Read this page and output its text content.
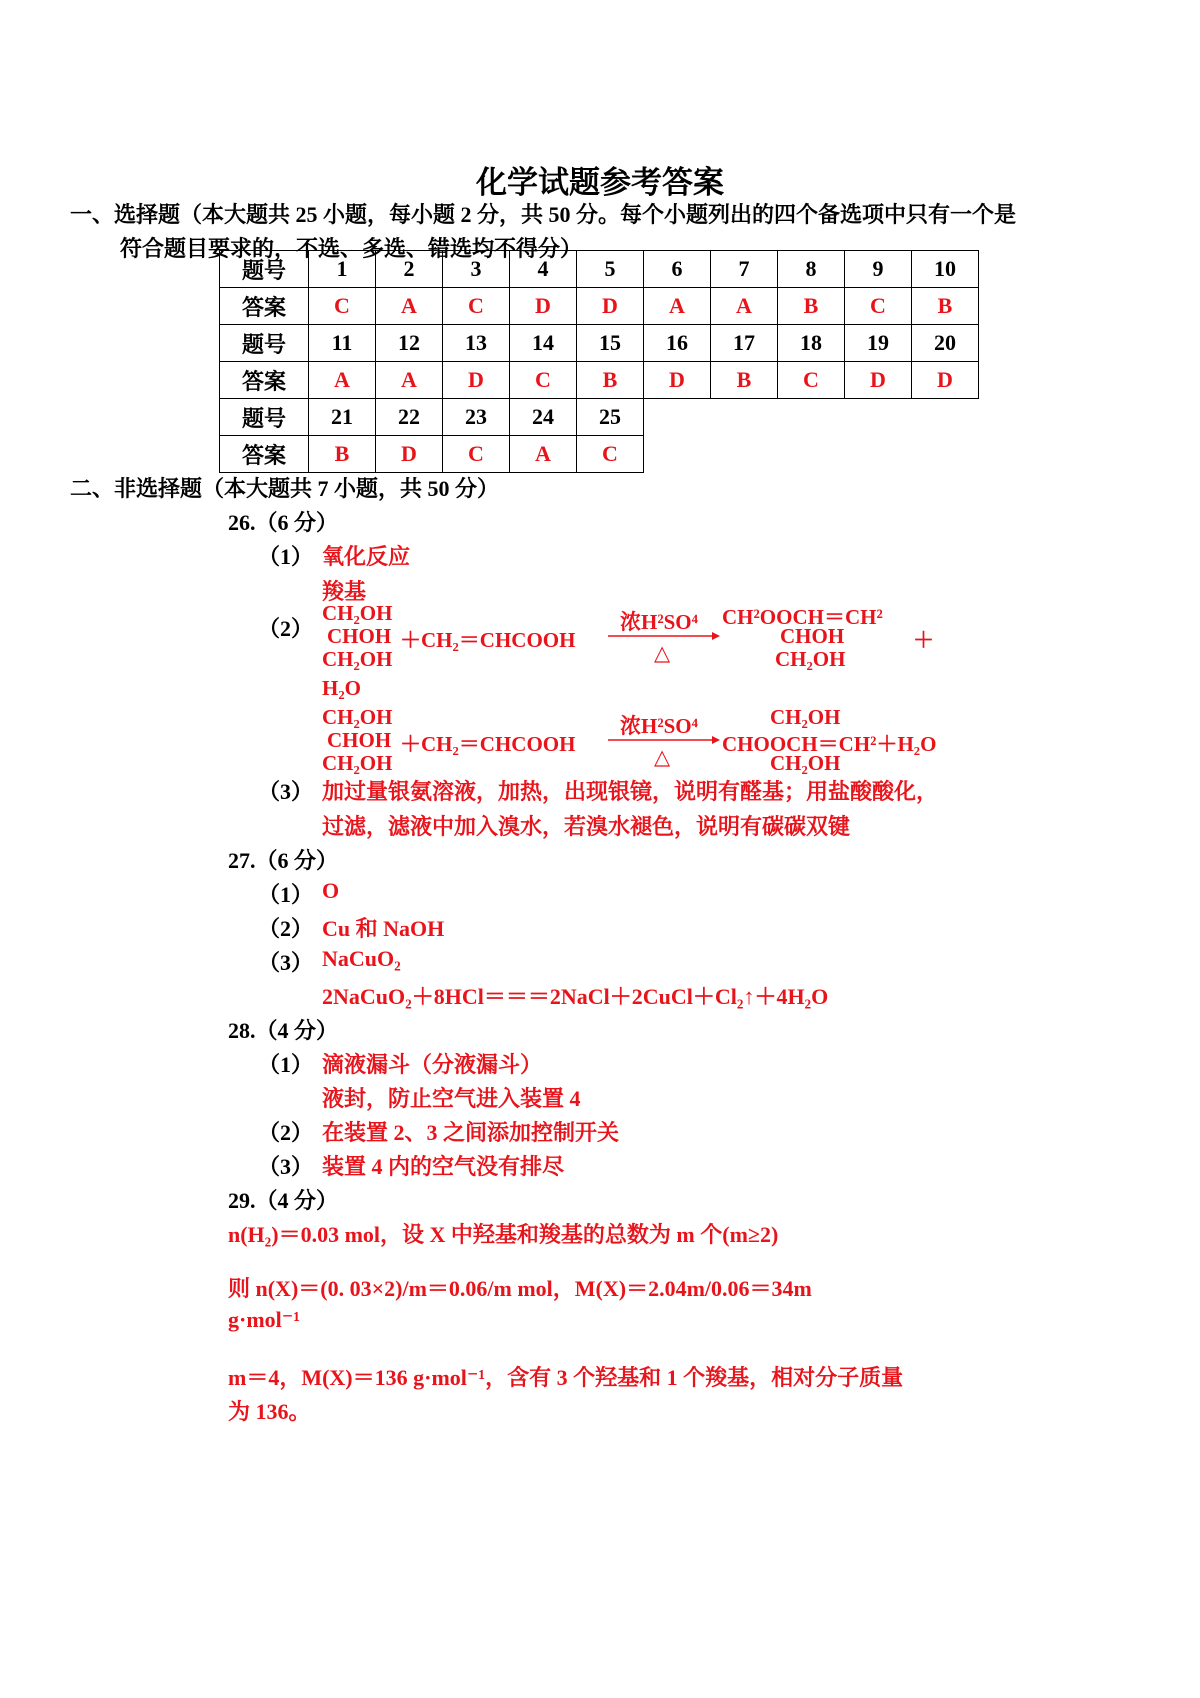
化学试题参考答案
一、选择题（本大题共 25 小题，每小题 2 分，共 50 分。每个小题列出的四个备选项中只有一个是
符合题目要求的，不选、多选、错选均不得分）
题号	1	2	3	4	5	6	7	8	9	10
答案	C	A	C	D	D	A	A	B	C	B
题号	11	12	13	14	15	16	17	18	19	20
答案	A	A	D	C	B	D	B	C	D	D
题号	21	22	23	24	25					
答案	B	D	C	A	C					
二、非选择题（本大题共 7 小题，共 50 分）
26.（6 分）
（1） 氧化反应
羧基
（2）
CH₂OH
CHOH
CH₂OH
＋CH₂＝CHCOOH
浓H²SO⁴
△
CH²OOCH＝CH²
CHOH
CH₂OH
＋
H₂O
CH₂OH
CHOH
CH₂OH
＋CH₂＝CHCOOH
浓H²SO⁴
△
CH₂OH
CHOOCH＝CH²＋H₂O
CH₂OH
（3） 加过量银氨溶液，加热，出现银镜，说明有醛基；用盐酸酸化，
过滤，滤液中加入溴水，若溴水褪色，说明有碳碳双键
27.（6 分）
（1） O
（2） Cu 和 NaOH
（3） NaCuO₂
2NaCuO₂＋8HCl＝＝＝2NaCl＋2CuCl＋Cl₂↑＋4H₂O
28.（4 分）
（1） 滴液漏斗（分液漏斗）
液封，防止空气进入装置 4
（2） 在装置 2、3 之间添加控制开关
（3） 装置 4 内的空气没有排尽
29.（4 分）
n(H₂)＝0.03 mol，设 X 中羟基和羧基的总数为 m 个(m≥2)
则 n(X)＝(0. 03×2)/m＝0.06/m mol，M(X)＝2.04m/0.06＝34m
g·mol⁻¹
m＝4，M(X)＝136 g·mol⁻¹，含有 3 个羟基和 1 个羧基，相对分子质量
为 136。
